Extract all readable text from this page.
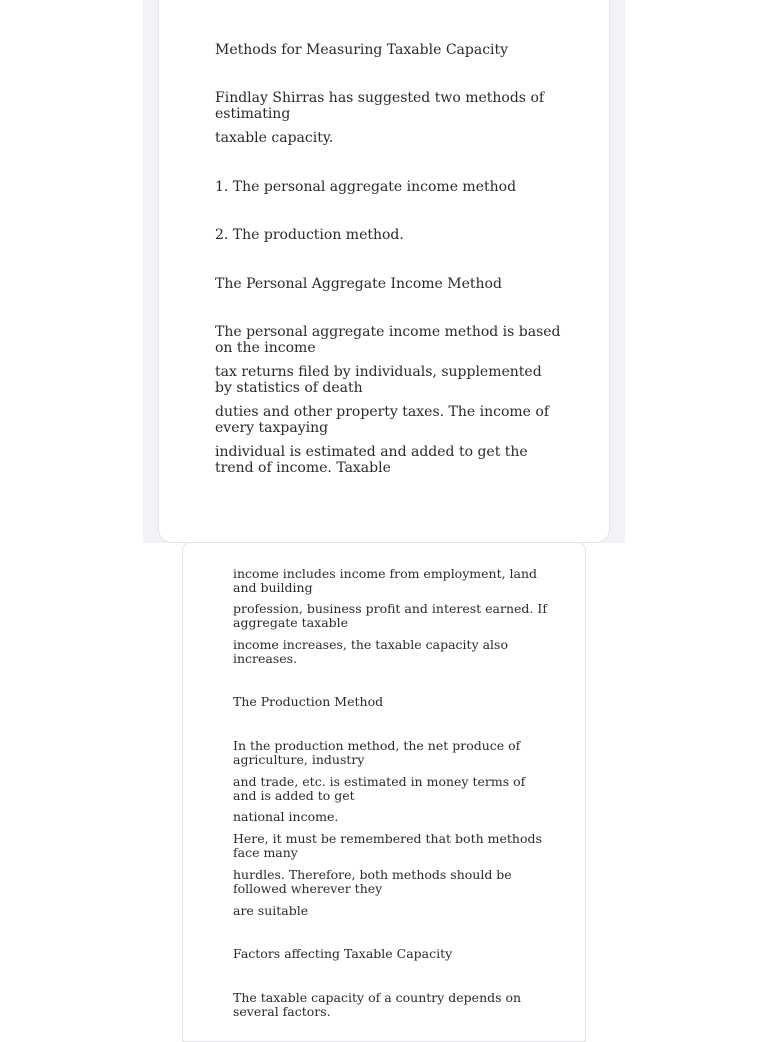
Methods for Measuring Taxable Capacity

Findlay Shirras has suggested two methods of

estimating

taxable capacity.

1. The personal aggregate income method

2. The production method.

The Personal Aggregate Income Method

The personal aggregate income method is based

on the income

tax returns filed by individuals, supplemented

by statistics of death

duties and other property taxes. The income of

every taxpaying

individual is estimated and added to get the

trend of income. Taxable

income includes income from employment, land

and building

profession, business profit and interest earned. If

aggregate taxable

income increases, the taxable capacity also

increases.

The Production Method

In the production method, the net produce of

agriculture, industry

and trade, etc. is estimated in money terms of

and is added to get

national income.

Here, it must be remembered that both methods

face many

hurdles. Therefore, both methods should be

followed wherever they

are suitable

Factors affecting Taxable Capacity

The taxable capacity of a country depends on

several factors.
